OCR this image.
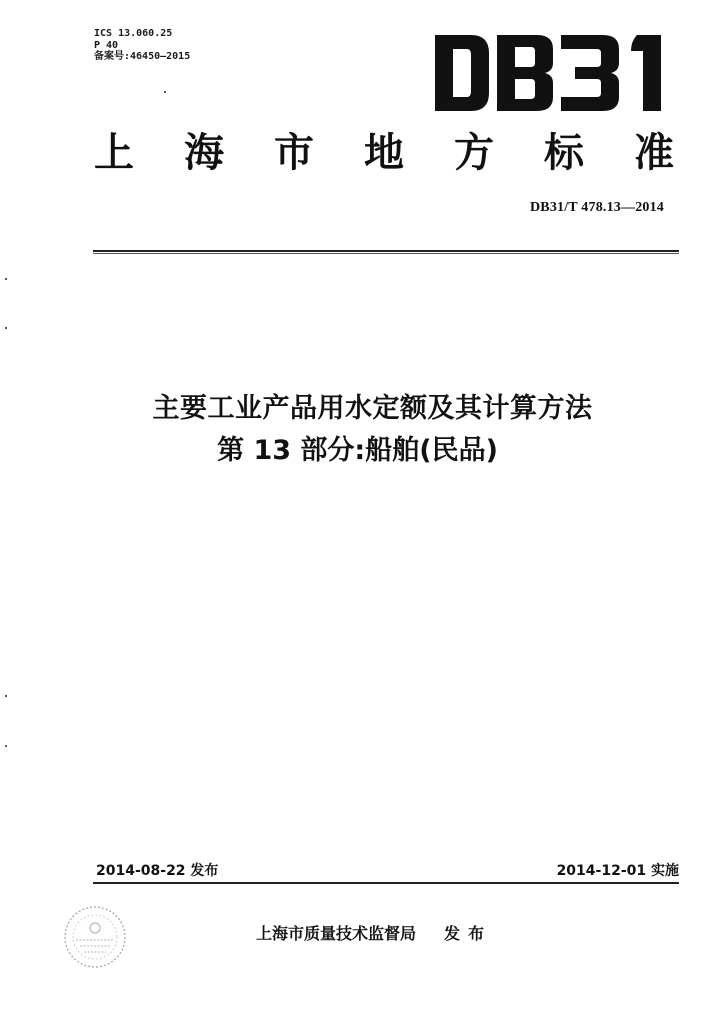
ICS 13.060.25
P 40
备案号:46450—2015
上 海 市 地 方 标 准
DB31/T 478.13—2014
主要工业产品用水定额及其计算方法
第 13 部分:船舶(民品)
2014-08-22 发布	2014-12-01 实施
上海市质量技术监督局 发布
